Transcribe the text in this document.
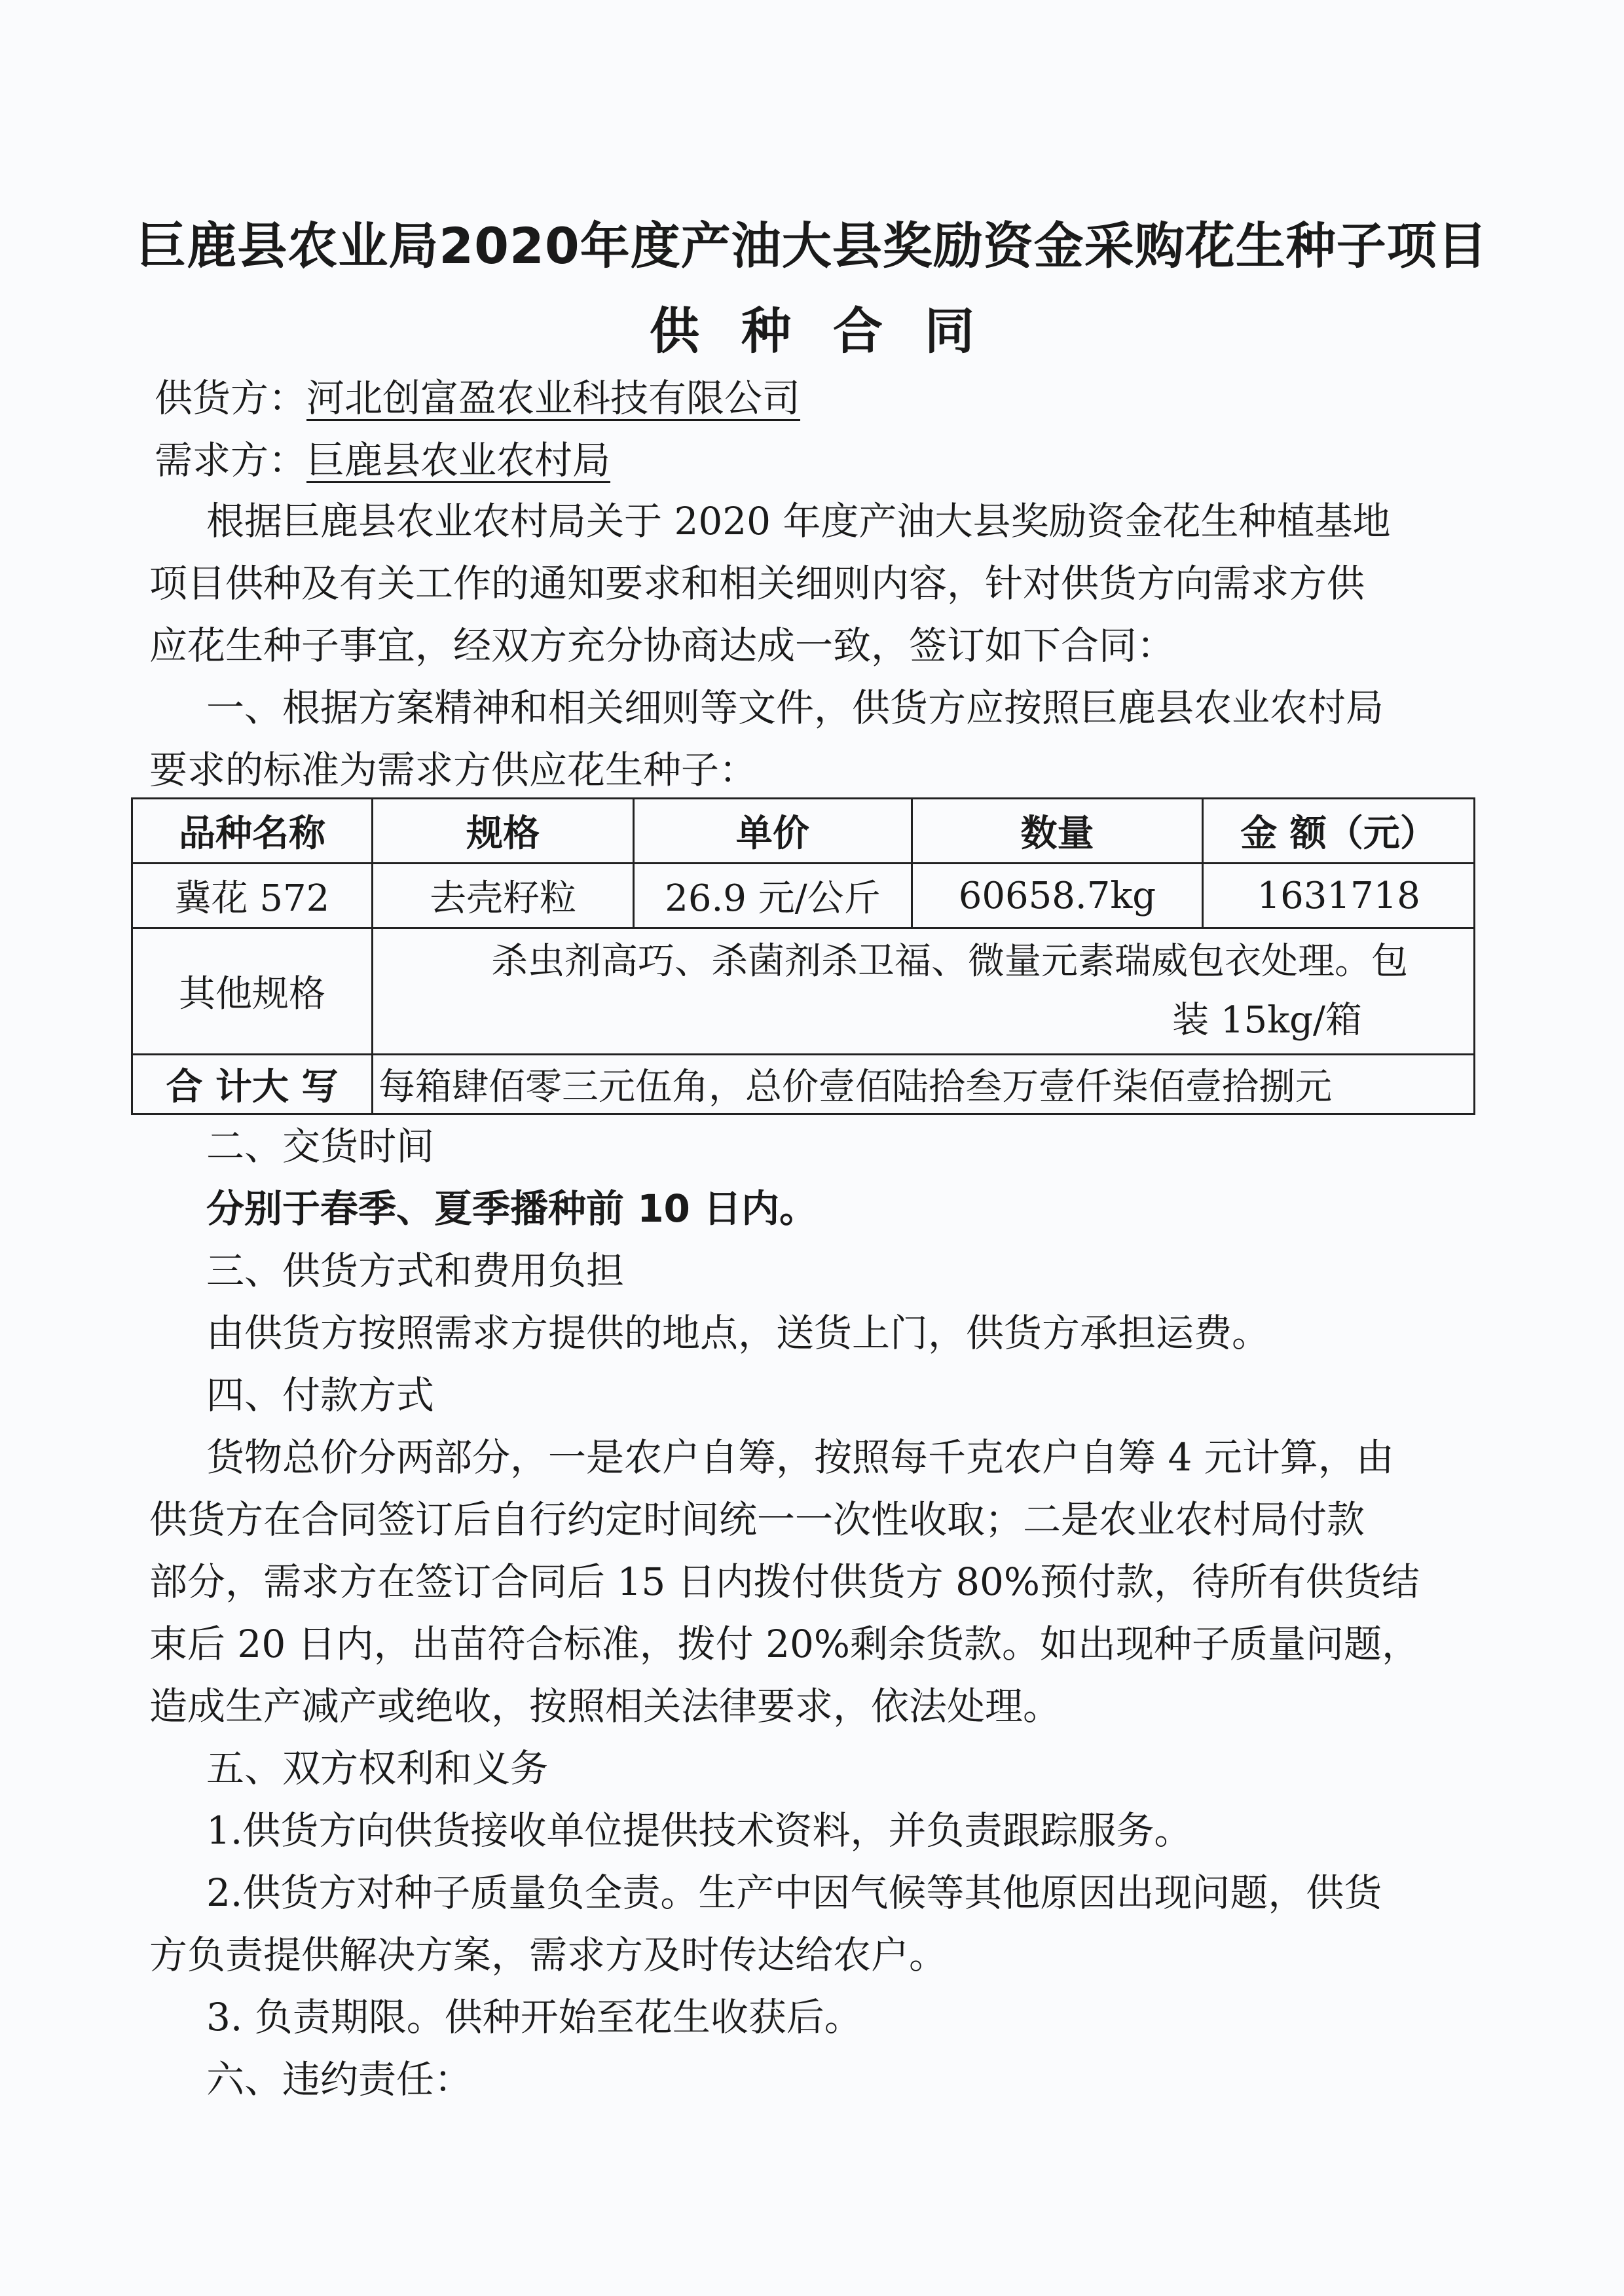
巨鹿县农业局2020年度产油大县奖励资金采购花生种子项目
供种合同
供货方：河北创富盈农业科技有限公司
需求方：巨鹿县农业农村局
根据巨鹿县农业农村局关于 2020 年度产油大县奖励资金花生种植基地
项目供种及有关工作的通知要求和相关细则内容，针对供货方向需求方供
应花生种子事宜，经双方充分协商达成一致，签订如下合同：
一、根据方案精神和相关细则等文件，供货方应按照巨鹿县农业农村局
要求的标准为需求方供应花生种子：
品种名称	规格	单价	数量	金 额（元）
冀花 572	去壳籽粒	26.9 元/公斤	60658.7kg	1631718
其他规格	杀虫剂高巧、杀菌剂杀卫福、微量元素瑞威包衣处理。包
装 15kg/箱			

合 计大 写	每箱肆佰零三元伍角，总价壹佰陆拾叁万壹仟柒佰壹拾捌元			
二、交货时间
分别于春季、夏季播种前 10 日内。
三、供货方式和费用负担
由供货方按照需求方提供的地点，送货上门，供货方承担运费。
四、付款方式
货物总价分两部分，一是农户自筹，按照每千克农户自筹 4 元计算，由
供货方在合同签订后自行约定时间统一一次性收取；二是农业农村局付款
部分，需求方在签订合同后 15 日内拨付供货方 80%预付款，待所有供货结
束后 20 日内，出苗符合标准，拨付 20%剩余货款。如出现种子质量问题，
造成生产减产或绝收，按照相关法律要求，依法处理。
五、双方权利和义务
1.供货方向供货接收单位提供技术资料，并负责跟踪服务。
2.供货方对种子质量负全责。生产中因气候等其他原因出现问题，供货
方负责提供解决方案，需求方及时传达给农户。
3. 负责期限。供种开始至花生收获后。
六、违约责任：
